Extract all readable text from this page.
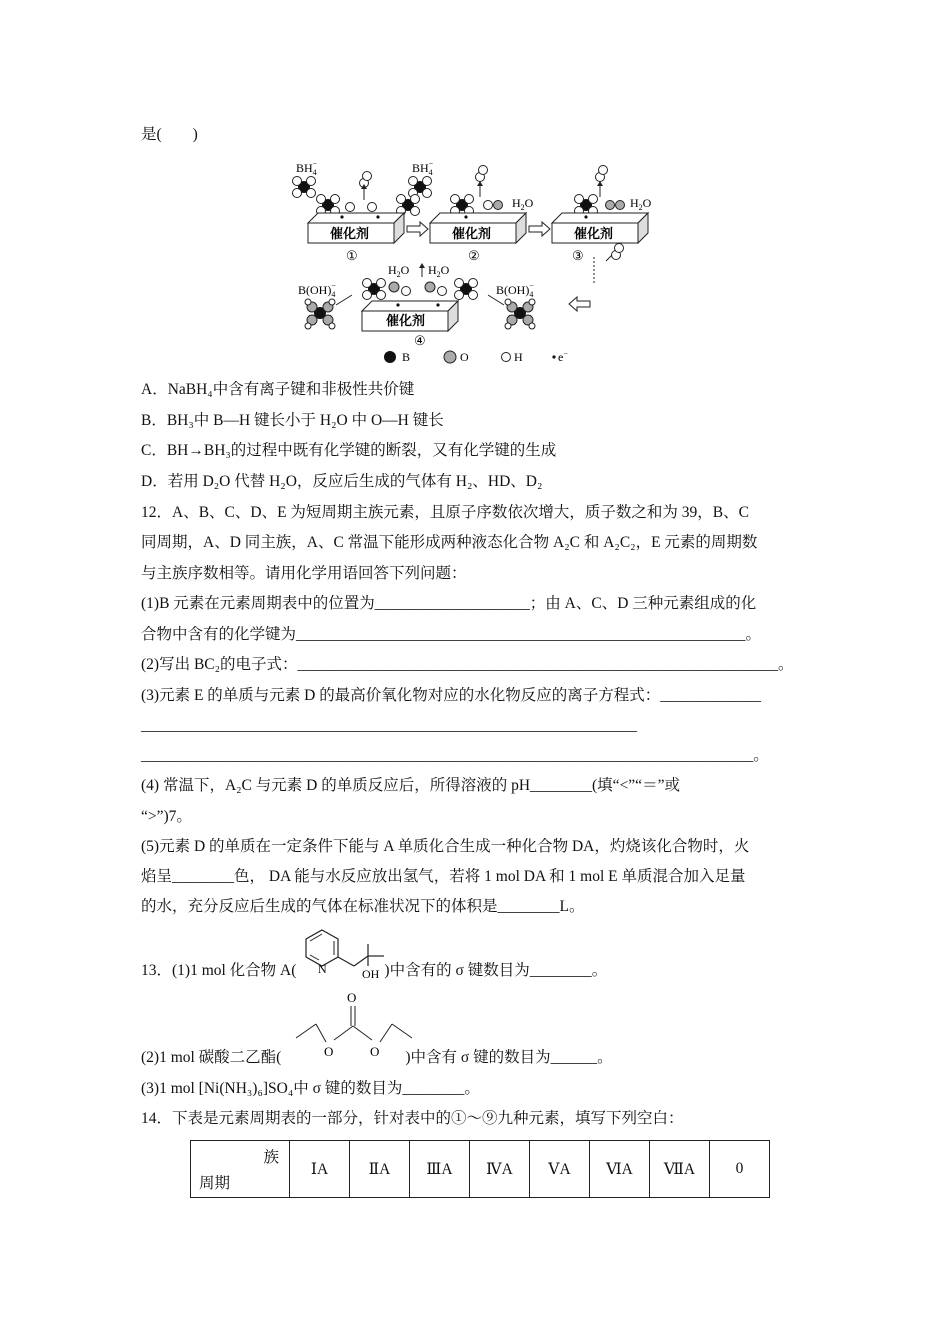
是(　　)
$BH_4-$	$BH_4-$
催化剂
①
$H_2O$
催化剂
②
$H_2O$
催化剂
③
$B(OH)_4-$	$B(OH)_4-$
$H_2O$ $H_2O$
催化剂
④
B	O	H	e−
A．NaBH₄中含有离子键和非极性共价键
B．BH₃中 B—H 键长小于 H₂O 中 O—H 键长
C．BH→BH₃的过程中既有化学键的断裂，又有化学键的生成
D．若用 D₂O 代替 H₂O，反应后生成的气体有 H₂、HD、D₂
12．A、B、C、D、E 为短周期主族元素，且原子序数依次增大，质子数之和为 39，B、C
同周期，A、D 同主族，A、C 常温下能形成两种液态化合物 A₂C 和 A₂C₂，E 元素的周期数
与主族序数相等。请用化学用语回答下列问题：
(1)B 元素在元素周期表中的位置为____________________；由 A、C、D 三种元素组成的化
合物中含有的化学键为__________________________________________________________。
(2)写出 BC₂的电子式：______________________________________________________________。
(3)元素 E 的单质与元素 D 的最高价氧化物对应的水化物反应的离子方程式：_____________
________________________________________________________________
_______________________________________________________________________________。
(4) 常温下，A₂C 与元素 D 的单质反应后，所得溶液的 pH________(填“<”“＝”或
“>”)7。
(5)元素 D 的单质在一定条件下能与 A 单质化合生成一种化合物 DA，灼烧该化合物时，火
焰呈________色， DA 能与水反应放出氢气，若将 1 mol DA 和 1 mol E 单质混合加入足量
的水，充分反应后生成的气体在标准状况下的体积是________L。
13．(1)1 mol 化合物 A(	)中含有的 σ 键数目为________。
N	OH
(2)1 mol 碳酸二乙酯(	)中含有 σ 键的数目为______。
O
O	O
(3)1 mol [Ni(NH₃)₆]SO₄中 σ 键的数目为________。
14．下表是元素周期表的一部分，针对表中的①～⑨九种元素，填写下列空白：
族
周期
	ⅠA	ⅡA	ⅢA	ⅣA	ⅤA	ⅥA	ⅦA	0
